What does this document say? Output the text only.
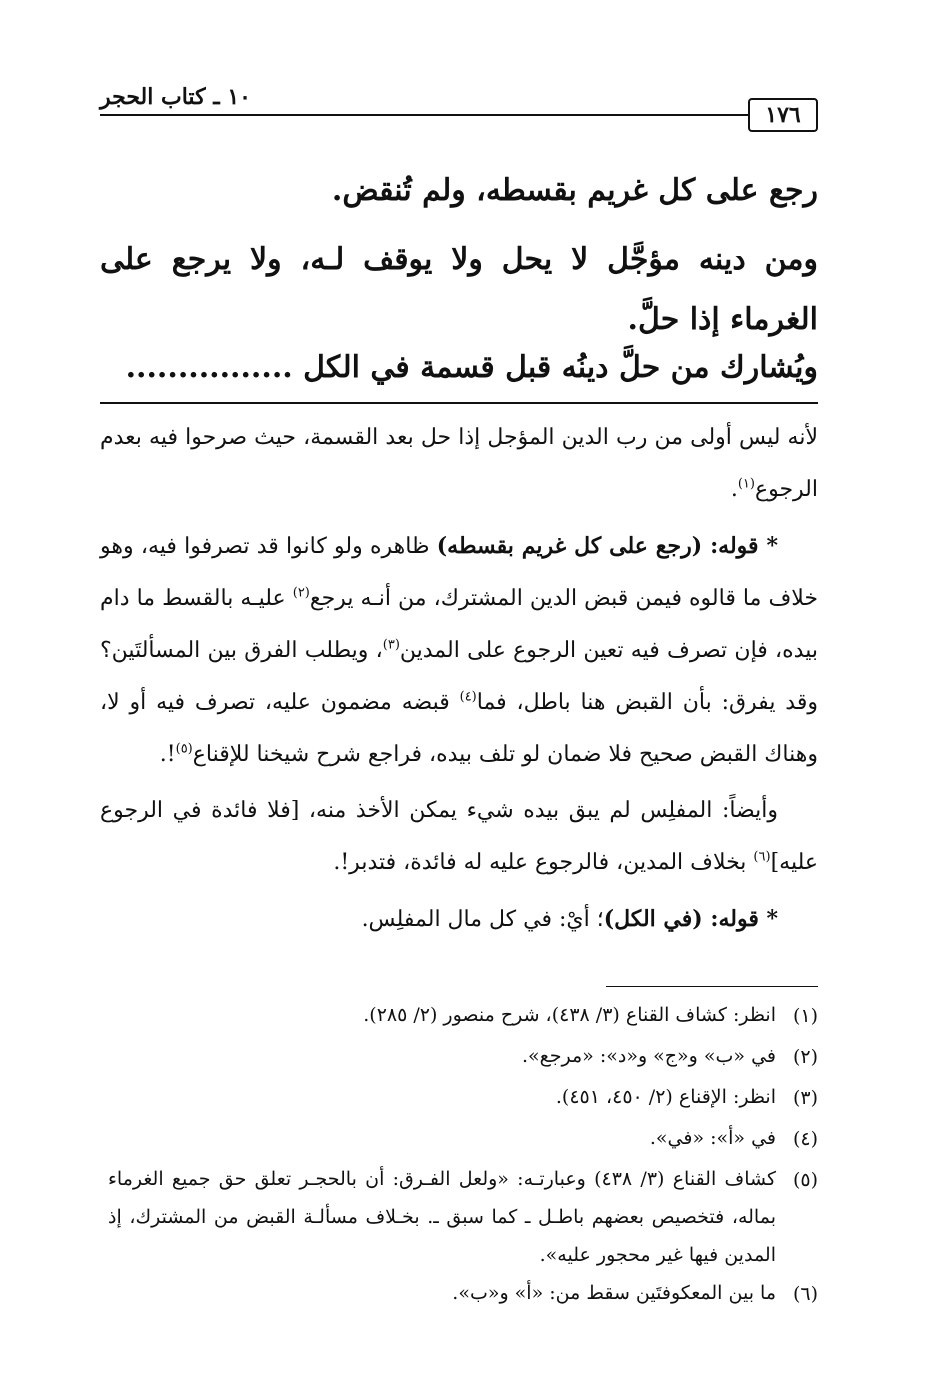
١٧٦
١٠ ـ كتاب الحجر

رجع على كل غريم بقسطه، ولم تُنقض.

ومن دينه مؤجَّل لا يحل ولا يوقف لـه، ولا يرجع على الغرماء إذا حلَّ.
ويُشارك من حلَّ دينُه قبل قسمة في الكل ................

لأنه ليس أولى من رب الدين المؤجل إذا حل بعد القسمة، حيث صرحوا فيه بعدم الرجوع$^{(١)}$.

* قوله: (رجع على كل غريم بقسطه) ظاهره ولو كانوا قد تصرفوا فيه، وهو خلاف ما قالوه فيمن قبض الدين المشترك، من أنـه يرجع$^{(٢)}$ عليـه بالقسط ما دام بيده، فإن تصرف فيه تعين الرجوع على المدين$^{(٣)}$، ويطلب الفرق بين المسألتَين؟ وقد يفرق: بأن القبض هنا باطل، فما$^{(٤)}$ قبضه مضمون عليه، تصرف فيه أو لا، وهناك القبض صحيح فلا ضمان لو تلف بيده، فراجع شرح شيخنا للإقناع$^{(٥)}$!.

وأيضاً: المفلِس لم يبق بيده شيء يمكن الأخذ منه، [فلا فائدة في الرجوع عليه]$^{(٦)}$ بخلاف المدين، فالرجوع عليه له فائدة، فتدبر!.

* قوله: (في الكل)؛ أيْ: في كل مال المفلِس.

(١)
انظر: كشاف القناع (٣/ ٤٣٨)، شرح منصور (٢/ ٢٨٥).
(٢)
في «ب» و«ج» و«د»: «مرجع».
(٣)
انظر: الإقناع (٢/ ٤٥٠، ٤٥١).
(٤)
في «أ»: «في».
(٥)
كشاف القناع (٣/ ٤٣٨) وعبارتـه: «ولعل الفـرق: أن بالحجـر تعلق حق جميع الغرماء بماله، فتخصيص بعضهم باطـل ـ كما سبق ـ. بخـلاف مسألـة القبض من المشترك، إذ المدين فيها غير محجور عليه».
(٦)
ما بين المعكوفتَين سقط من: «أ» و«ب».
